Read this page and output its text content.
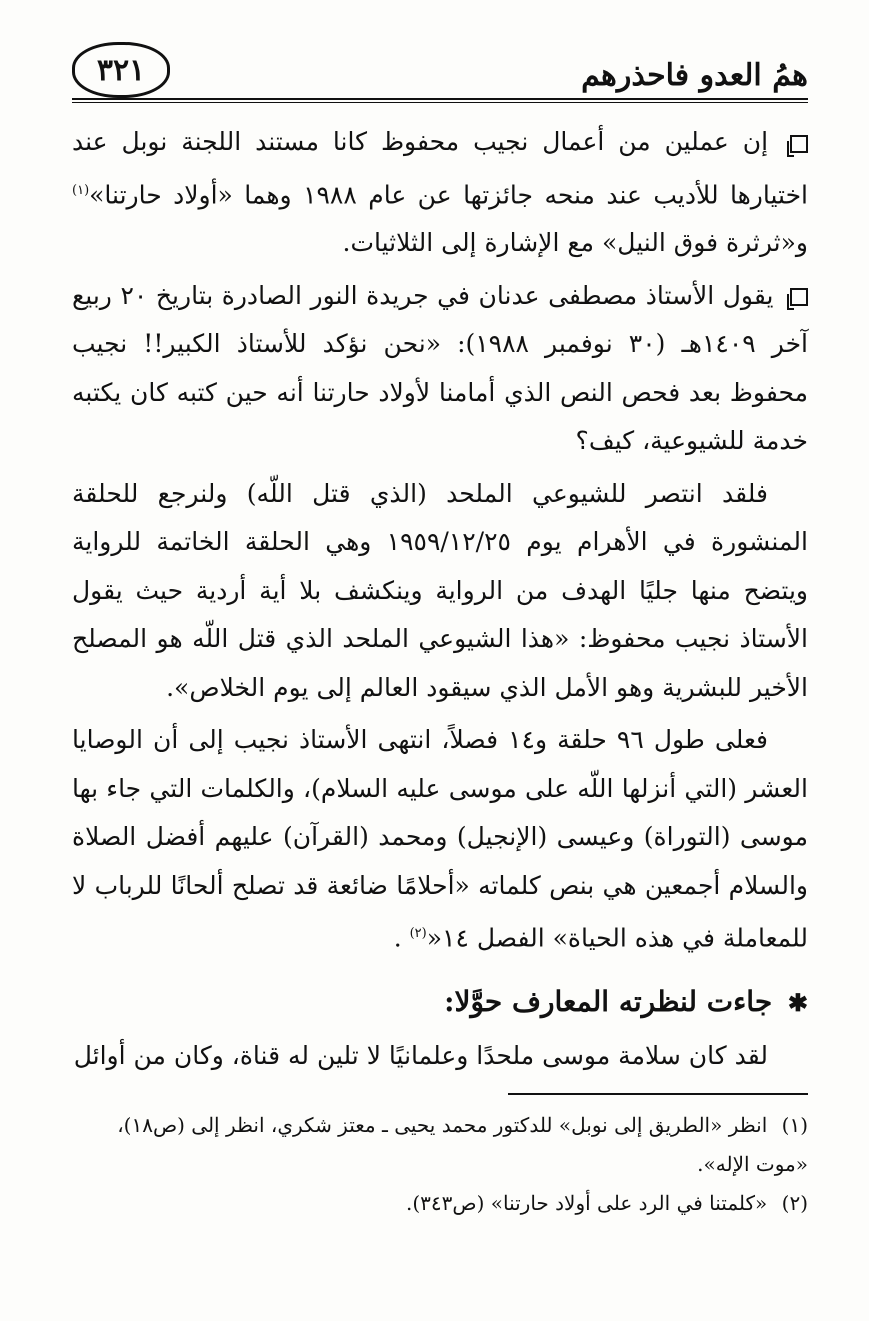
همُ العدو فاحذرهم
٣٢١

إن عملين من أعمال نجيب محفوظ كانا مستند اللجنة نوبل عند اختيارها للأديب عند منحه جائزتها عن عام ١٩٨٨ وهما «أولاد حارتنا»$^{(١)}$ و«ثرثرة فوق النيل» مع الإشارة إلى الثلاثيات.

يقول الأستاذ مصطفى عدنان في جريدة النور الصادرة بتاريخ ٢٠ ربيع آخر ١٤٠٩هـ (٣٠ نوفمبر ١٩٨٨): «نحن نؤكد للأستاذ الكبير!! نجيب محفوظ بعد فحص النص الذي أمامنا لأولاد حارتنا أنه حين كتبه كان يكتبه خدمة للشيوعية، كيف؟

فلقد انتصر للشيوعي الملحد (الذي قتل اللّه) ولنرجع للحلقة المنشورة في الأهرام يوم ١٩٥٩/١٢/٢٥ وهي الحلقة الخاتمة للرواية ويتضح منها جليًا الهدف من الرواية وينكشف بلا أية أردية حيث يقول الأستاذ نجيب محفوظ: «هذا الشيوعي الملحد الذي قتل اللّه هو المصلح الأخير للبشرية وهو الأمل الذي سيقود العالم إلى يوم الخلاص».

فعلى طول ٩٦ حلقة و١٤ فصلاً، انتهى الأستاذ نجيب إلى أن الوصايا العشر (التي أنزلها اللّه على موسى عليه السلام)، والكلمات التي جاء بها موسى (التوراة) وعيسى (الإنجيل) ومحمد (القرآن) عليهم أفضل الصلاة والسلام أجمعين هي بنص كلماته «أحلامًا ضائعة قد تصلح ألحانًا للرباب لا للمعاملة في هذه الحياة» الفصل ١٤«$^{(٢)}$ .

✱ جاءت لنظرته المعارف حوَّلا:

لقد كان سلامة موسى ملحدًا وعلمانيًا لا تلين له قناة، وكان من أوائل

(١) انظر «الطريق إلى نوبل» للدكتور محمد يحيى ـ معتز شكري، انظر إلى (ص١٨)، «موت الإله».

(٢) «كلمتنا في الرد على أولاد حارتنا» (ص٣٤٣).
